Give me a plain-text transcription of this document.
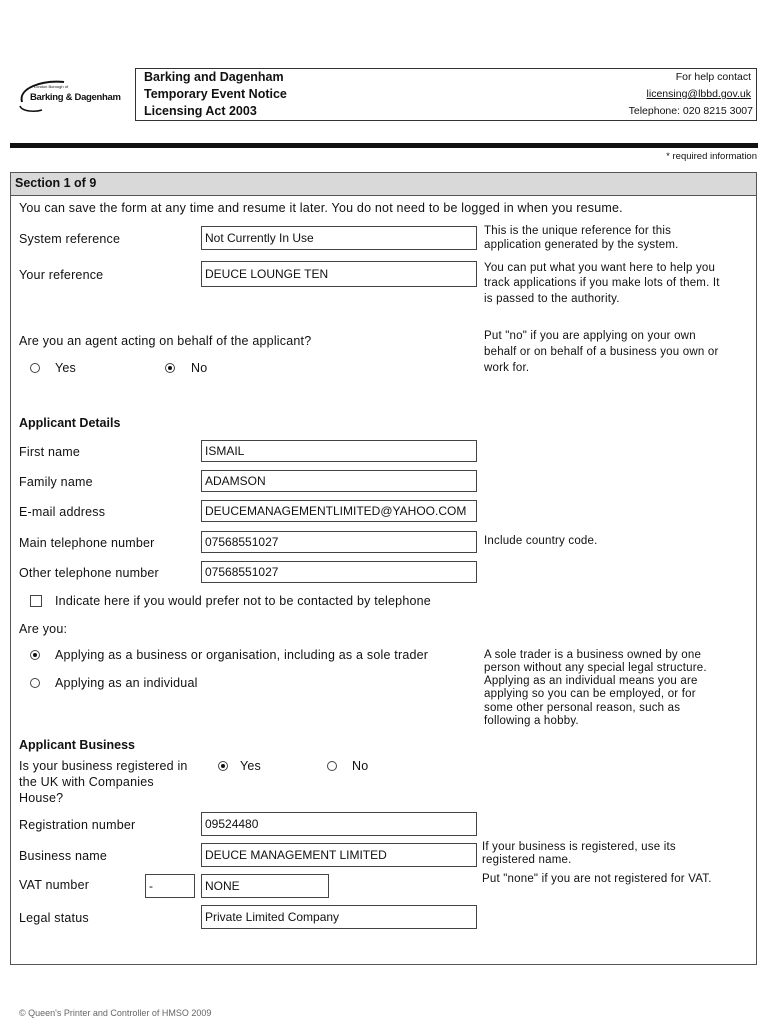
London Borough of
Barking & Dagenham
Barking and Dagenham
Temporary Event Notice
Licensing Act 2003
For help contact
licensing@lbbd.gov.uk
Telephone: 020 8215 3007
* required information
Section 1 of 9
You can save the form at any time and resume it later. You do not need to be logged in when you resume.
System reference	Not Currently In Use	This is the unique reference for this
application generated by the system.
Your reference	DEUCE LOUNGE TEN	You can put what you want here to help you
track applications if you make lots of them. It
is passed to the authority.
Are you an agent acting on behalf of the applicant?
Yes	No
Put "no" if you are applying on your own
behalf or on behalf of a business you own or
work for.
Applicant Details
First name	ISMAIL
Family name	ADAMSON
E-mail address	DEUCEMANAGEMENTLIMITED@YAHOO.COM
Main telephone number	07568551027	Include country code.
Other telephone number	07568551027
Indicate here if you would prefer not to be contacted by telephone
Are you:
Applying as a business or organisation, including as a sole trader
Applying as an individual
A sole trader is a business owned by one
person without any special legal structure.
Applying as an individual means you are
applying so you can be employed, or for
some other personal reason, such as
following a hobby.
Applicant Business
Is your business registered in
the UK with Companies
House?
Yes	No
Registration number	09524480
Business name	DEUCE MANAGEMENT LIMITED
If your business is registered, use its
registered name.
VAT number	-	NONE	Put "none" if you are not registered for VAT.
Legal status	Private Limited Company
© Queen's Printer and Controller of HMSO 2009
